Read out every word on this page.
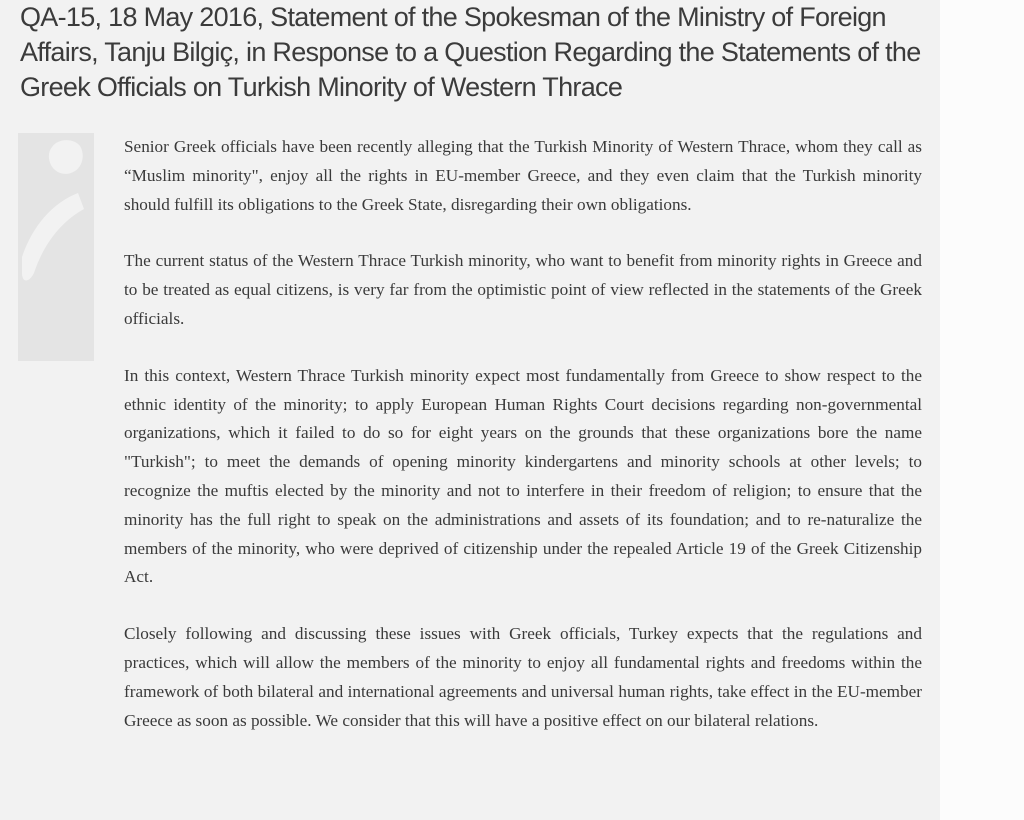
QA-15, 18 May 2016, Statement of the Spokesman of the Ministry of Foreign Affairs, Tanju Bilgiç, in Response to a Question Regarding the Statements of the Greek Officials on Turkish Minority of Western Thrace

Senior Greek officials have been recently alleging that the Turkish Minority of Western Thrace, whom they call as “Muslim minority", enjoy all the rights in EU-member Greece, and they even claim that the Turkish minority should fulfill its obligations to the Greek State, disregarding their own obligations.

The current status of the Western Thrace Turkish minority, who want to benefit from minority rights in Greece and to be treated as equal citizens, is very far from the optimistic point of view reflected in the statements of the Greek officials.

In this context, Western Thrace Turkish minority expect most fundamentally from Greece to show respect to the ethnic identity of the minority; to apply European Human Rights Court decisions regarding non-governmental organizations, which it failed to do so for eight years on the grounds that these organizations bore the name "Turkish"; to meet the demands of opening minority kindergartens and minority schools at other levels; to recognize the muftis elected by the minority and not to interfere in their freedom of religion; to ensure that the minority has the full right to speak on the administrations and assets of its foundation; and to re-naturalize the members of the minority, who were deprived of citizenship under the repealed Article 19 of the Greek Citizenship Act.

Closely following and discussing these issues with Greek officials, Turkey expects that the regulations and practices, which will allow the members of the minority to enjoy all fundamental rights and freedoms within the framework of both bilateral and international agreements and universal human rights, take effect in the EU-member Greece as soon as possible. We consider that this will have a positive effect on our bilateral relations.
